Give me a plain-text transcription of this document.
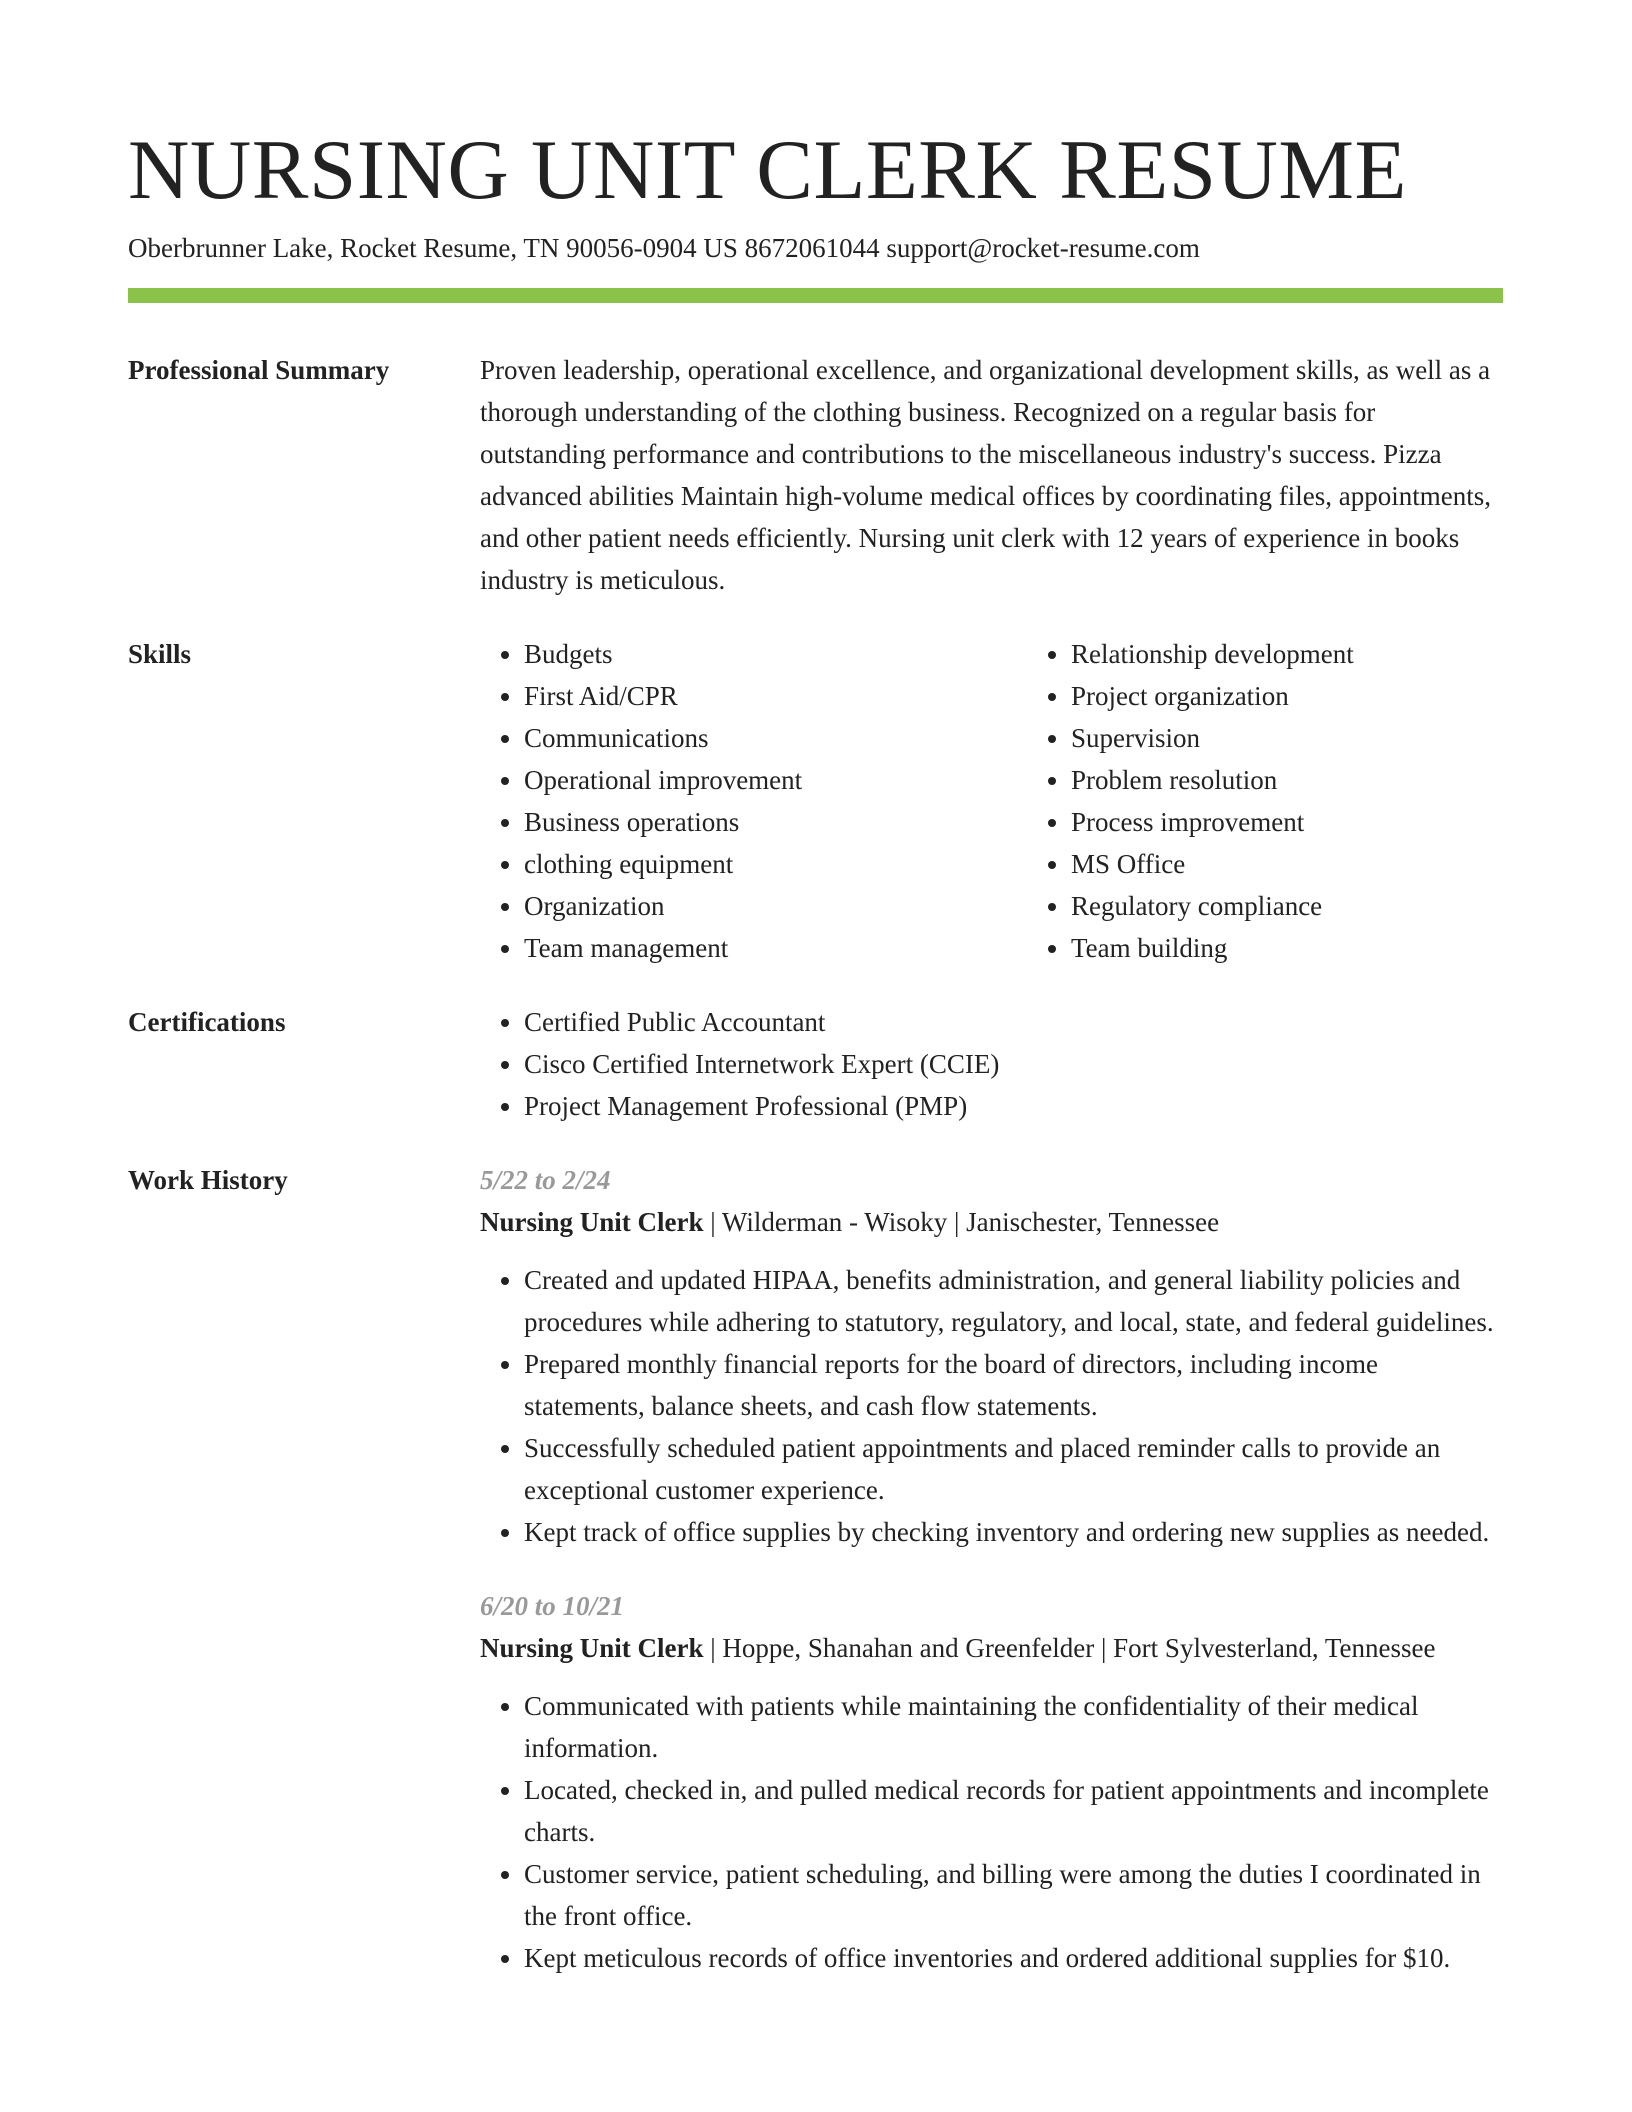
NURSING UNIT CLERK RESUME
Oberbrunner Lake, Rocket Resume, TN 90056-0904 US 8672061044 support@rocket-resume.com
Professional Summary	Proven leadership, operational excellence, and organizational development skills, as well as a thorough understanding of the clothing business. Recognized on a regular basis for outstanding performance and contributions to the miscellaneous industry's success. Pizza advanced abilities Maintain high-volume medical offices by coordinating files, appointments, and other patient needs efficiently. Nursing unit clerk with 12 years of experience in books industry is meticulous.

Skills	• Budgets
• First Aid/CPR
• Communications
• Operational improvement
• Business operations
• clothing equipment
• Organization
• Team management
• Relationship development
• Project organization
• Supervision
• Problem resolution
• Process improvement
• MS Office
• Regulatory compliance
• Team building
Certifications	• Certified Public Accountant
• Cisco Certified Internetwork Expert (CCIE)
• Project Management Professional (PMP)
Work History	5/22 to 2/24
Nursing Unit Clerk | Wilderman - Wisoky | Janischester, Tennessee
• Created and updated HIPAA, benefits administration, and general liability policies and procedures while adhering to statutory, regulatory, and local, state, and federal guidelines.
• Prepared monthly financial reports for the board of directors, including income statements, balance sheets, and cash flow statements.
• Successfully scheduled patient appointments and placed reminder calls to provide an exceptional customer experience.
• Kept track of office supplies by checking inventory and ordering new supplies as needed.
6/20 to 10/21
Nursing Unit Clerk | Hoppe, Shanahan and Greenfelder | Fort Sylvesterland, Tennessee
• Communicated with patients while maintaining the confidentiality of their medical information.
• Located, checked in, and pulled medical records for patient appointments and incomplete charts.
• Customer service, patient scheduling, and billing were among the duties I coordinated in the front office.
• Kept meticulous records of office inventories and ordered additional supplies for $10.
